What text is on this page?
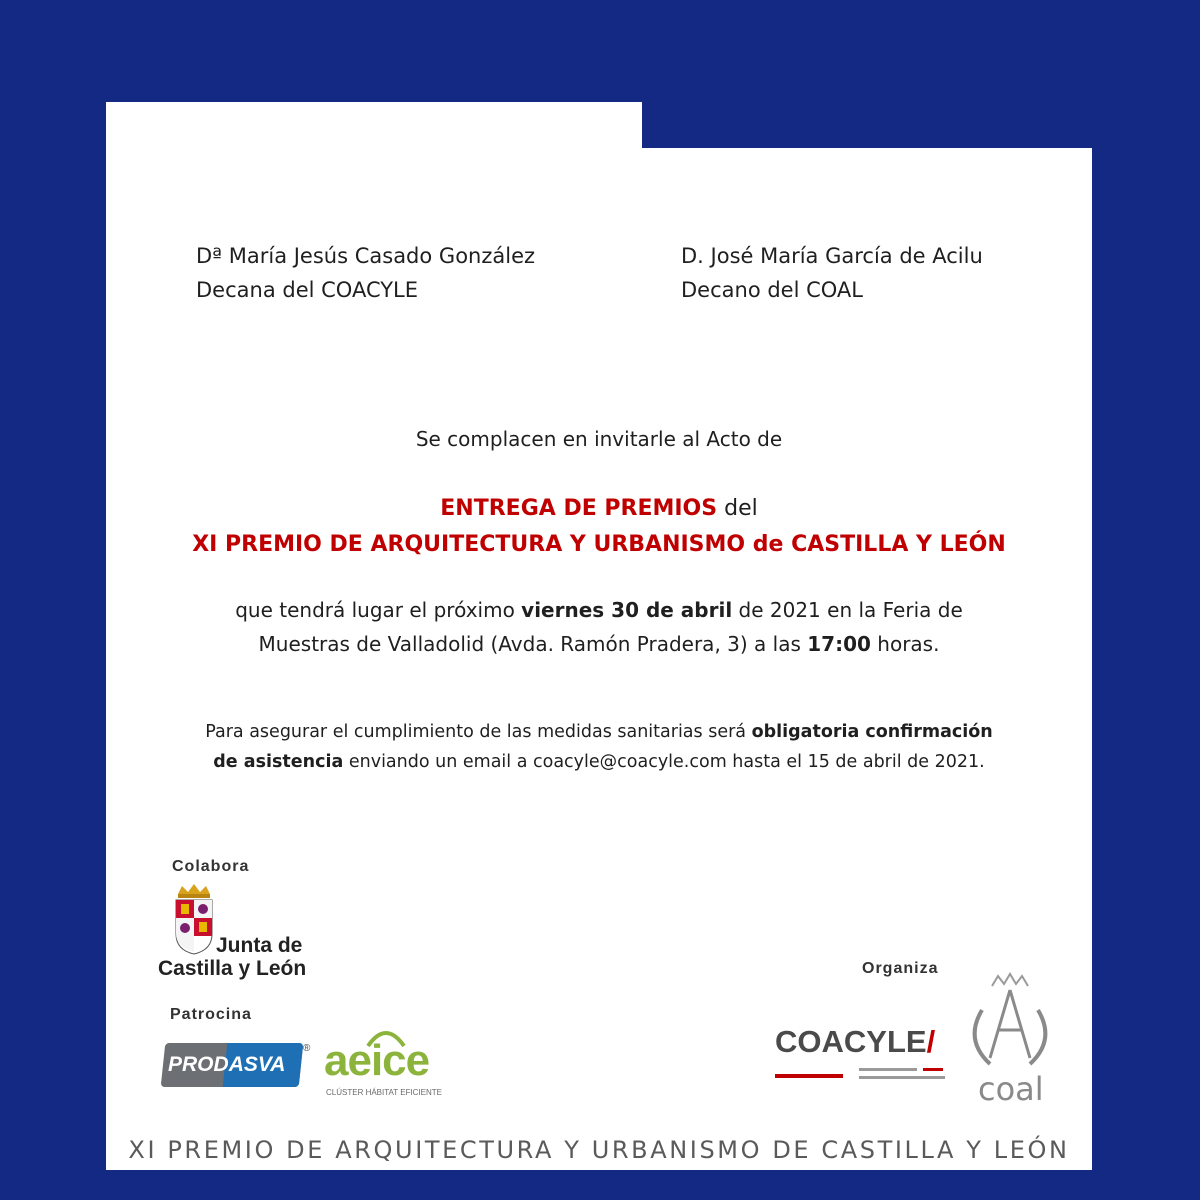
Dª María Jesús Casado González
Decana del COACYLE
D. José María García de Acilu
Decano del COAL
Se complacen en invitarle al Acto de
ENTREGA DE PREMIOS del
XI PREMIO DE ARQUITECTURA Y URBANISMO de CASTILLA Y LEÓN
que tendrá lugar el próximo viernes 30 de abril de 2021 en la Feria de
Muestras de Valladolid (Avda. Ramón Pradera, 3) a las 17:00 horas.
Para asegurar el cumplimiento de las medidas sanitarias será obligatoria confirmación
de asistencia enviando un email a coacyle@coacyle.com hasta el 15 de abril de 2021.
Colabora
Junta de
Castilla y León
Patrocina
PRODASVA
® aeice
CLÚSTER HÁBITAT EFICIENTE
Organiza
COACYLE/
coal
XI PREMIO DE ARQUITECTURA Y URBANISMO DE CASTILLA Y LEÓN
